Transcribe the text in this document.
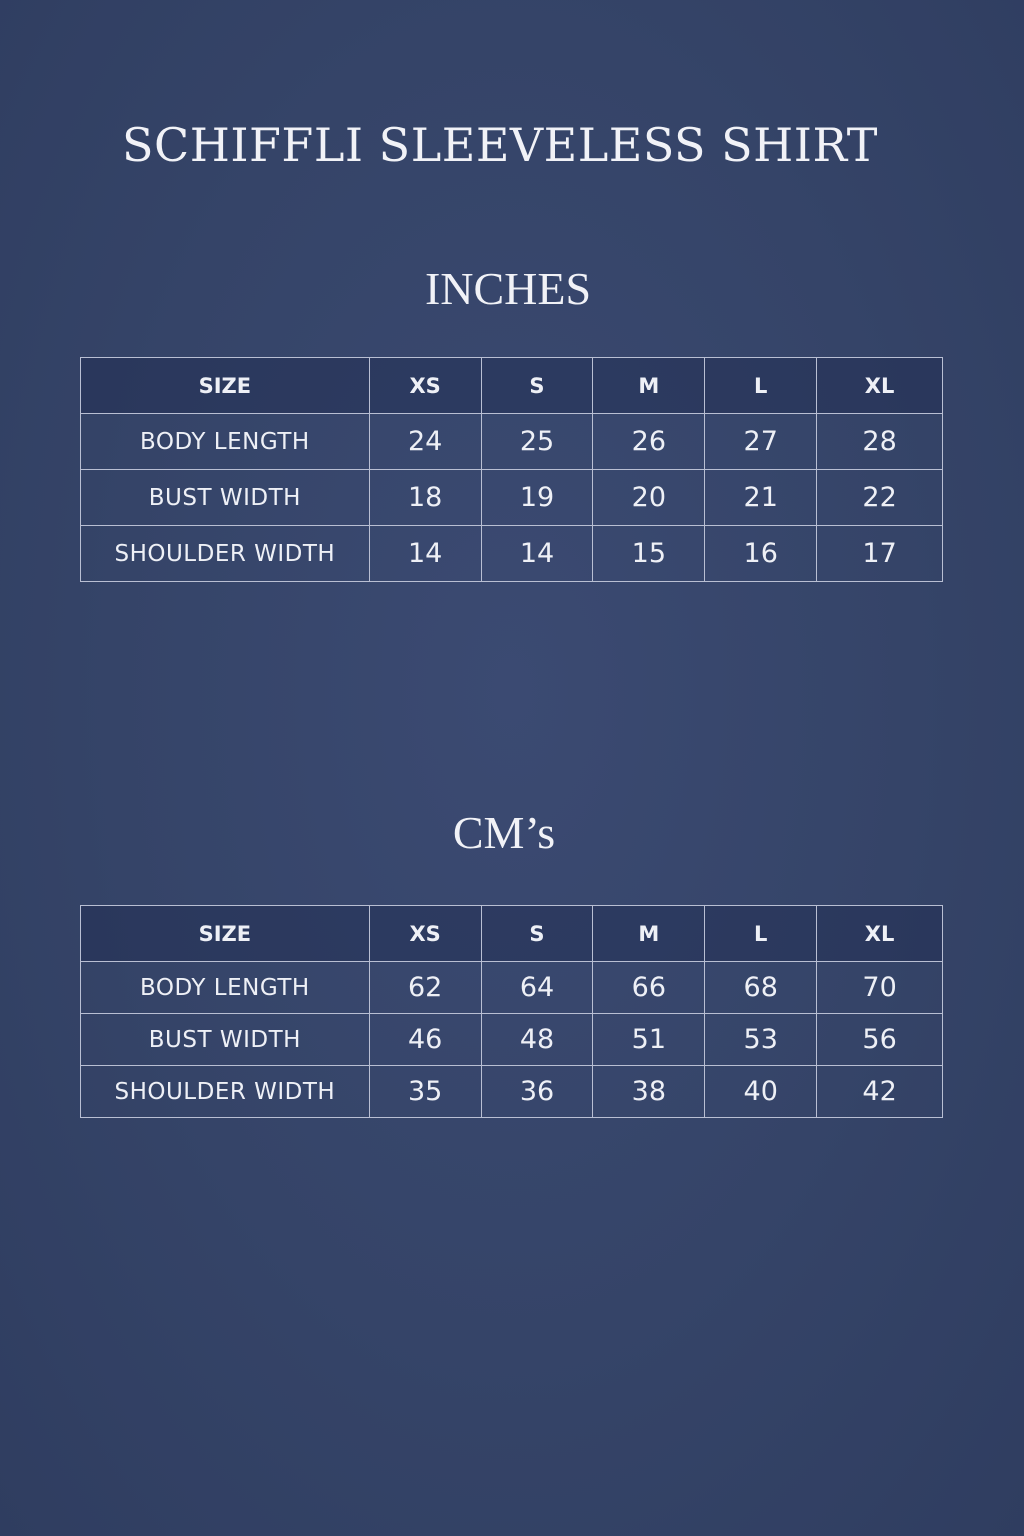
SCHIFFLI SLEEVELESS SHIRT
INCHES
SIZE	XS	S	M	L	XL
BODY LENGTH	24	25	26	27	28
BUST WIDTH	18	19	20	21	22
SHOULDER WIDTH	14	14	15	16	17
CM’s
SIZE	XS	S	M	L	XL
BODY LENGTH	62	64	66	68	70
BUST WIDTH	46	48	51	53	56
SHOULDER WIDTH	35	36	38	40	42
